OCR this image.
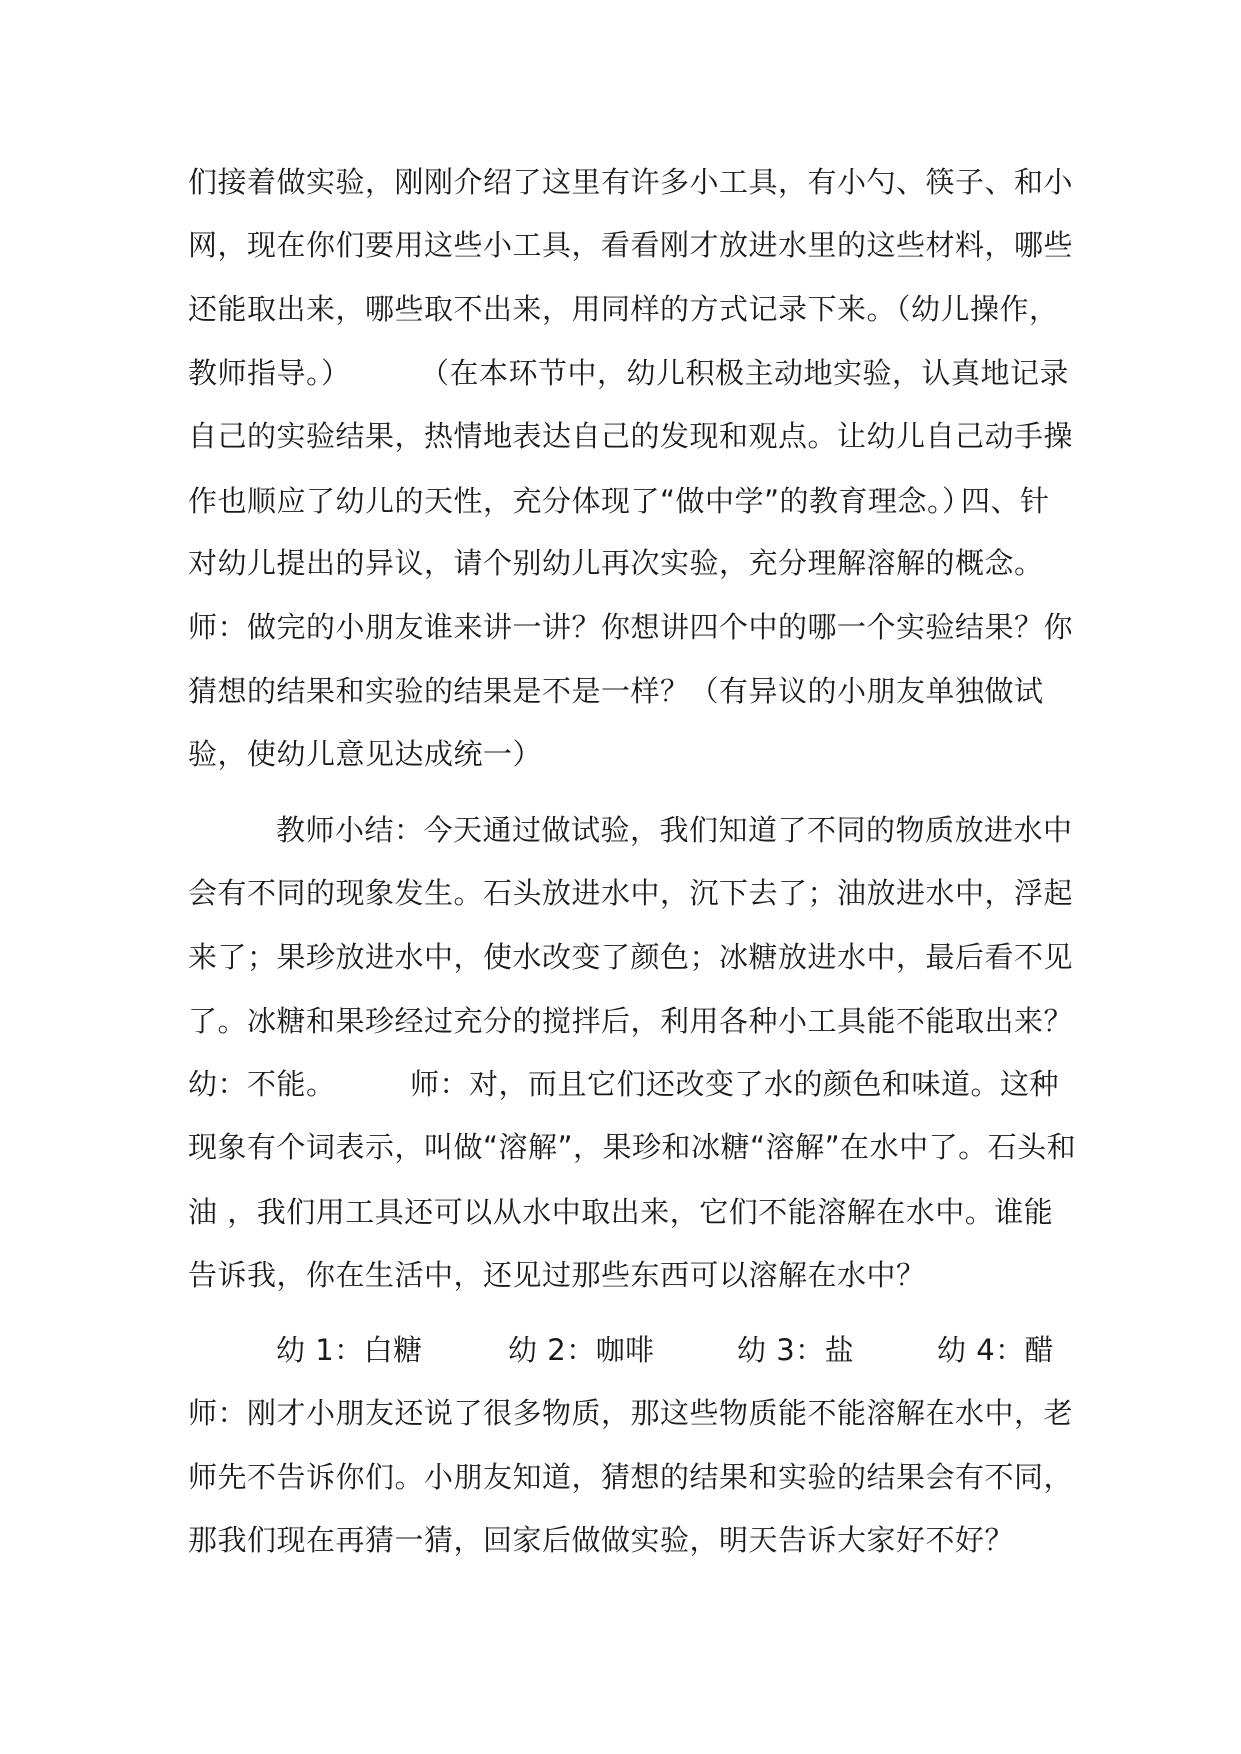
们接着做实验，刚刚介绍了这里有许多小工具，有小勺、筷子、和小
网，现在你们要用这些小工具，看看刚才放进水里的这些材料，哪些
还能取出来，哪些取不出来，用同样的方式记录下来。（幼儿操作，
教师指导。） （在本环节中，幼儿积极主动地实验，认真地记录
自己的实验结果，热情地表达自己的发现和观点。让幼儿自己动手操
作也顺应了幼儿的天性，充分体现了“做中学”的教育理念。）
四、针
对幼儿提出的异议，请个别幼儿再次实验，充分理解溶解的概念。
师：做完的小朋友谁来讲一讲？你想讲四个中的哪一个实验结果？你
猜想的结果和实验的结果是不是一样？（有异议的小朋友单独做试
验，使幼儿意见达成统一）
教师小结：今天通过做试验，我们知道了不同的物质放进水中
会有不同的现象发生。石头放进水中，沉下去了；油放进水中，浮起
来了；果珍放进水中，使水改变了颜色；冰糖放进水中，最后看不见
了。冰糖和果珍经过充分的搅拌后，利用各种小工具能不能取出来？
幼：不能。	师：对，而且它们还改变了水的颜色和味道。这种
现象有个词表示，叫做“溶解”，果珍和冰糖“溶解”在水中了。石头和
油 ，我们用工具还可以从水中取出来，它们不能溶解在水中。谁能
告诉我，你在生活中，还见过那些东西可以溶解在水中？
幼 1：白糖	幼 2：咖啡	幼 3：盐	幼 4：醋
师：刚才小朋友还说了很多物质，那这些物质能不能溶解在水中，老
师先不告诉你们。小朋友知道，猜想的结果和实验的结果会有不同，
那我们现在再猜一猜，回家后做做实验，明天告诉大家好不好？
